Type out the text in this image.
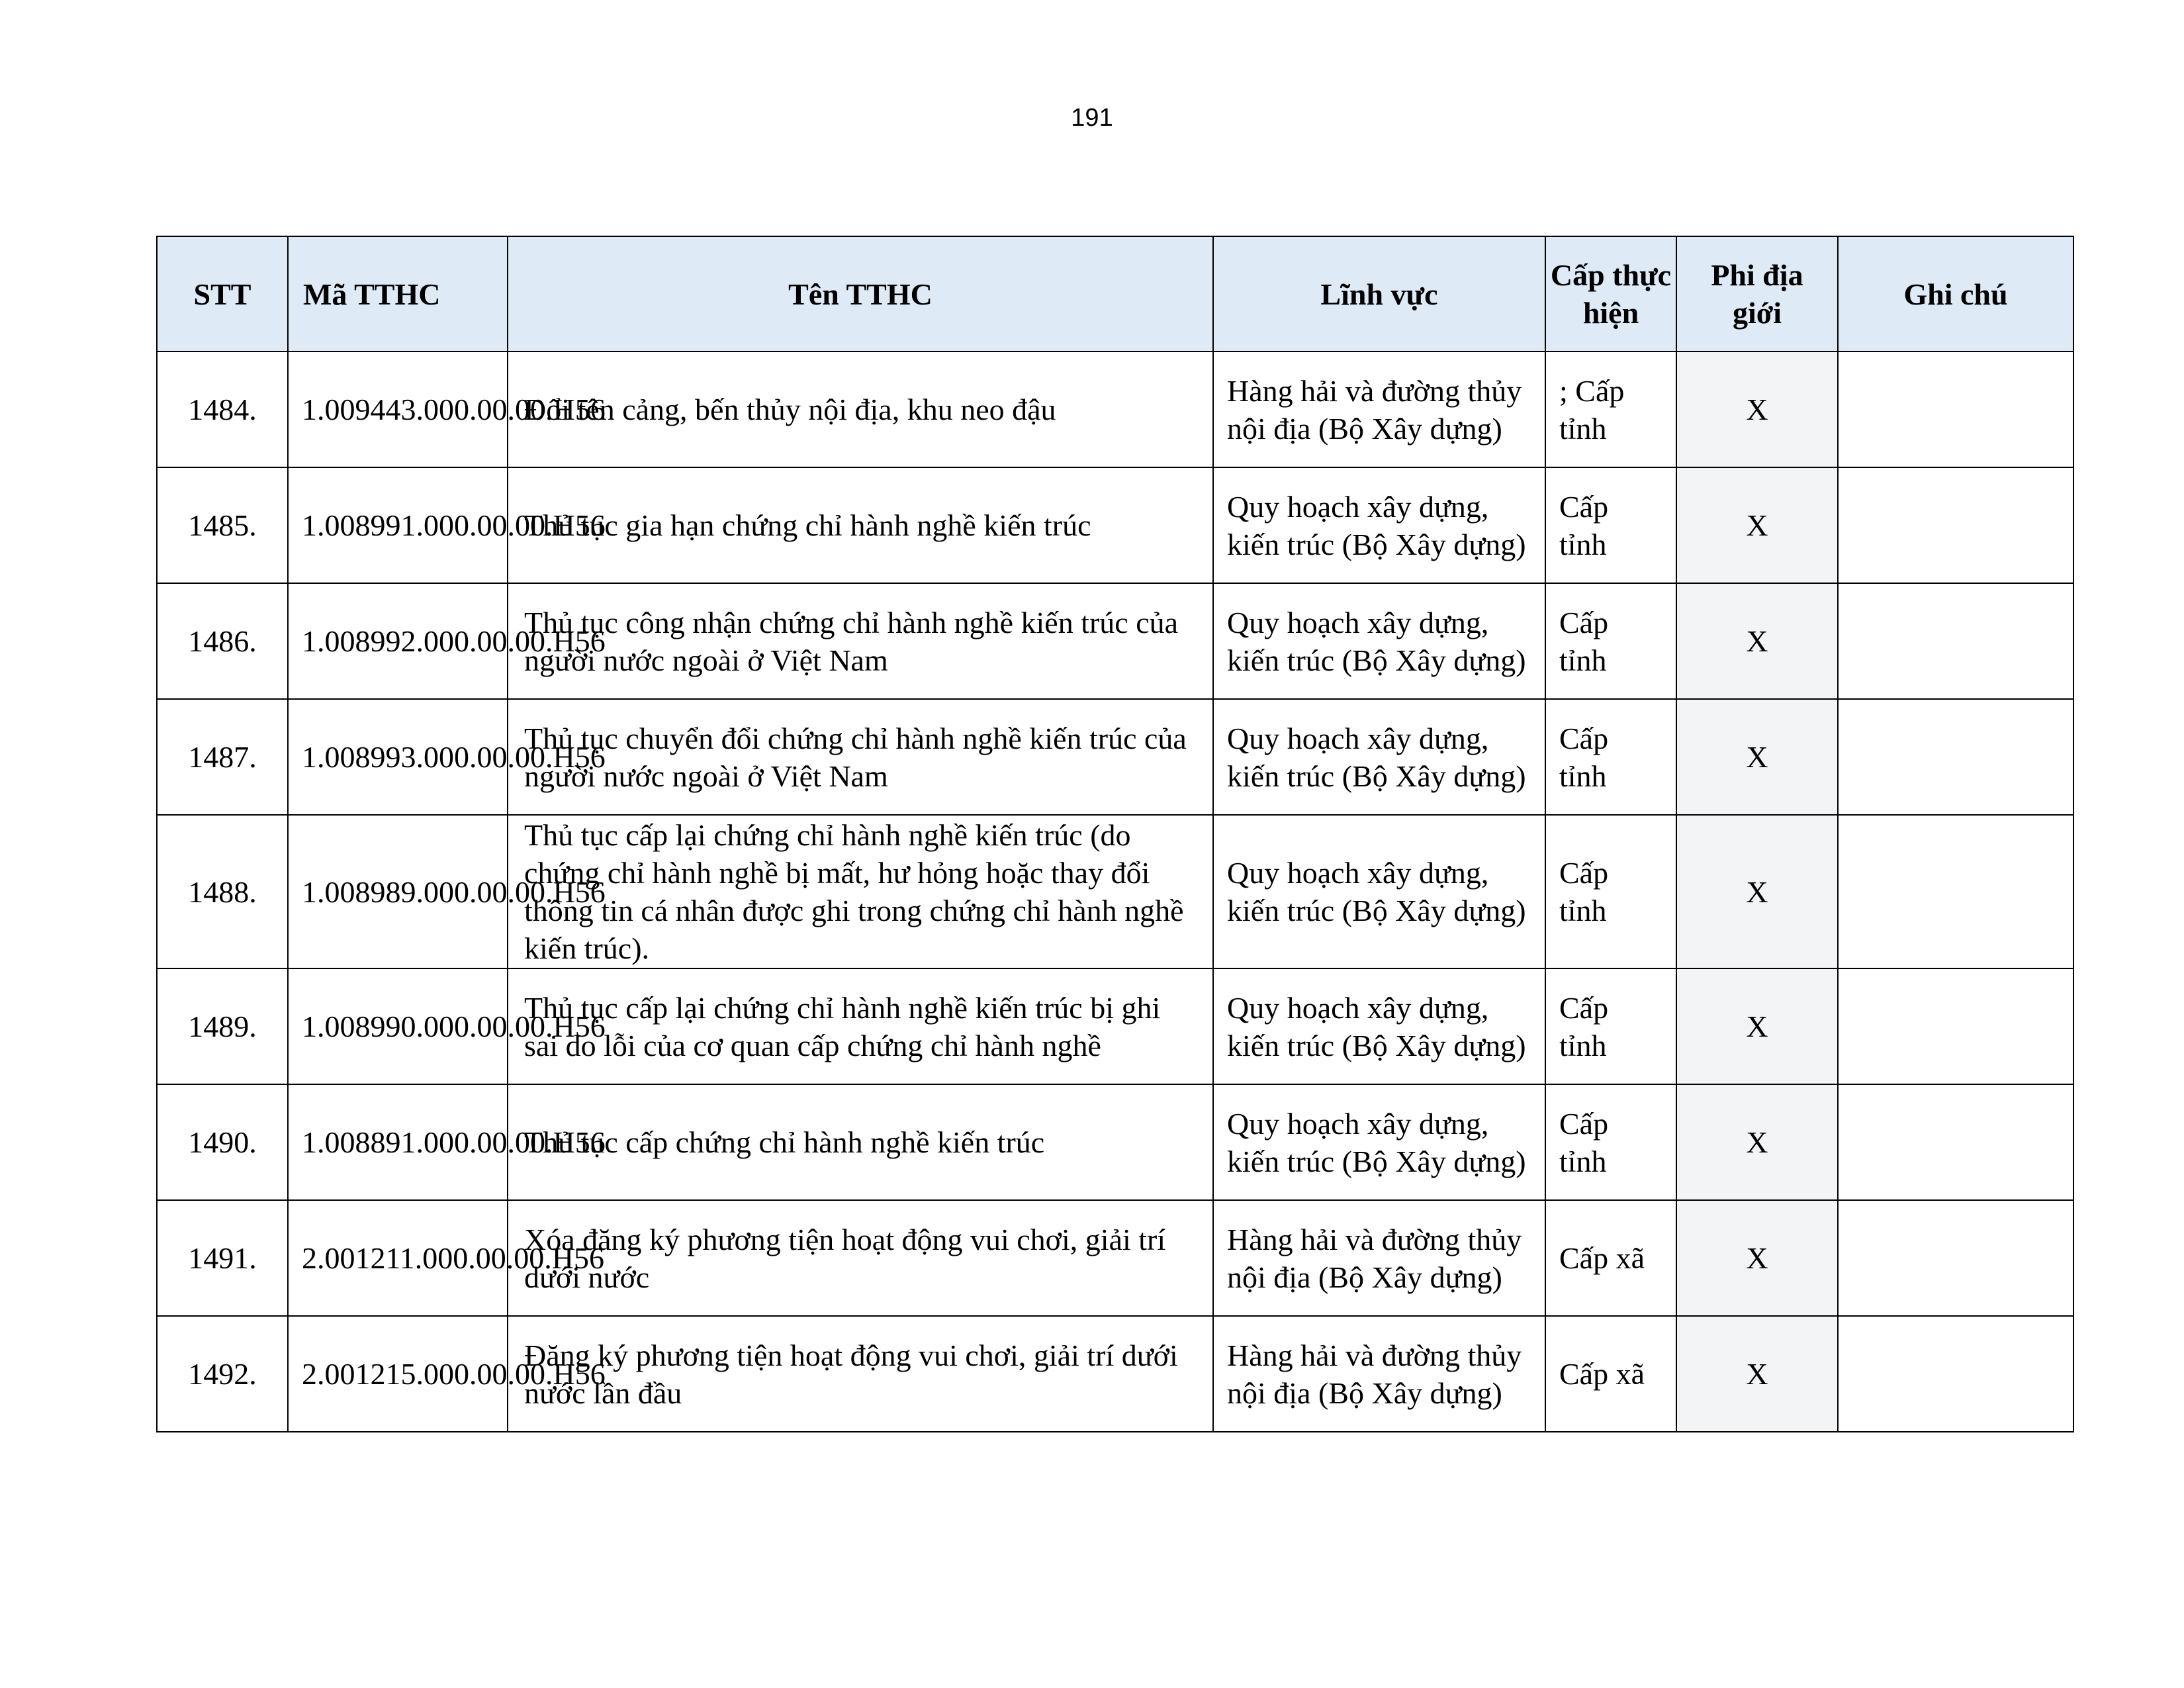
191
STT	Mã TTHC	Tên TTHC	Lĩnh vực	Cấp thực hiện	Phi địa giới	Ghi chú
1484.	1.009443.000.00.00.H56	Đổi tên cảng, bến thủy nội địa, khu neo đậu	Hàng hải và đường thủy nội địa (Bộ Xây dựng)	; Cấp tỉnh	X	
1485.	1.008991.000.00.00.H56	Thủ tục gia hạn chứng chỉ hành nghề kiến trúc	Quy hoạch xây dựng, kiến trúc (Bộ Xây dựng)	Cấp tỉnh	X	
1486.	1.008992.000.00.00.H56	Thủ tục công nhận chứng chỉ hành nghề kiến trúc của người nước ngoài ở Việt Nam	Quy hoạch xây dựng, kiến trúc (Bộ Xây dựng)	Cấp tỉnh	X	
1487.	1.008993.000.00.00.H56	Thủ tục chuyển đổi chứng chỉ hành nghề kiến trúc của người nước ngoài ở Việt Nam	Quy hoạch xây dựng, kiến trúc (Bộ Xây dựng)	Cấp tỉnh	X	
1488.	1.008989.000.00.00.H56	Thủ tục cấp lại chứng chỉ hành nghề kiến trúc (do chứng chỉ hành nghề bị mất, hư hỏng hoặc thay đổi thông tin cá nhân được ghi trong chứng chỉ hành nghề kiến trúc).	Quy hoạch xây dựng, kiến trúc (Bộ Xây dựng)	Cấp tỉnh	X	
1489.	1.008990.000.00.00.H56	Thủ tục cấp lại chứng chỉ hành nghề kiến trúc bị ghi sai do lỗi của cơ quan cấp chứng chỉ hành nghề	Quy hoạch xây dựng, kiến trúc (Bộ Xây dựng)	Cấp tỉnh	X	
1490.	1.008891.000.00.00.H56	Thủ tục cấp chứng chỉ hành nghề kiến trúc	Quy hoạch xây dựng, kiến trúc (Bộ Xây dựng)	Cấp tỉnh	X	
1491.	2.001211.000.00.00.H56	Xóa đăng ký phương tiện hoạt động vui chơi, giải trí dưới nước	Hàng hải và đường thủy nội địa (Bộ Xây dựng)	Cấp xã	X	
1492.	2.001215.000.00.00.H56	Đăng ký phương tiện hoạt động vui chơi, giải trí dưới nước lần đầu	Hàng hải và đường thủy nội địa (Bộ Xây dựng)	Cấp xã	X	
